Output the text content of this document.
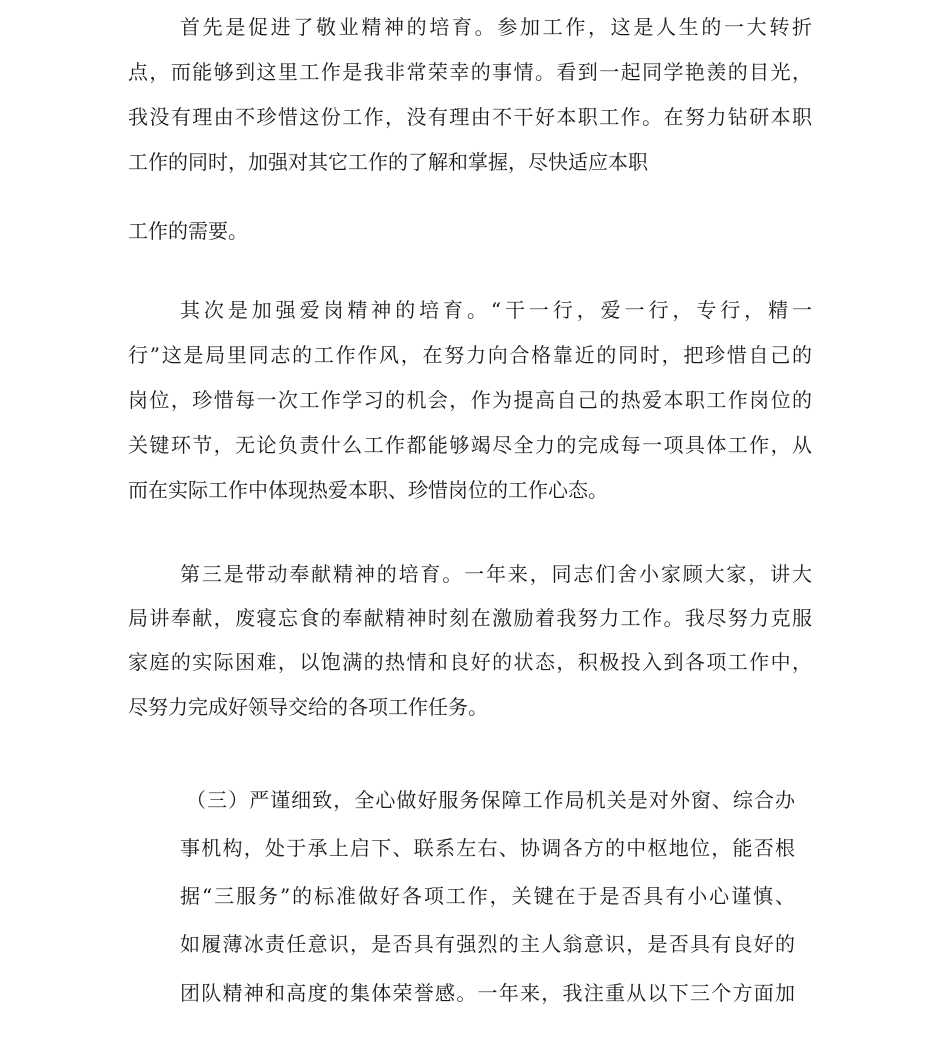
首先是促进了敬业精神的培育。参加工作，这是人生的一大转折
点，而能够到这里工作是我非常荣幸的事情。看到一起同学艳羡的目光，
我没有理由不珍惜这份工作，没有理由不干好本职工作。在努力钻研本职
工作的同时，加强对其它工作的了解和掌握，尽快适应本职
工作的需要。
其次是加强爱岗精神的培育。“干一行，爱一行，专行，精一
行”这是局里同志的工作作风，在努力向合格靠近的同时，把珍惜自己的
岗位，珍惜每一次工作学习的机会，作为提高自己的热爱本职工作岗位的
关键环节，无论负责什么工作都能够竭尽全力的完成每一项具体工作，从
而在实际工作中体现热爱本职、珍惜岗位的工作心态。
第三是带动奉献精神的培育。一年来，同志们舍小家顾大家，讲大
局讲奉献，废寝忘食的奉献精神时刻在激励着我努力工作。我尽努力克服
家庭的实际困难，以饱满的热情和良好的状态，积极投入到各项工作中，
尽努力完成好领导交给的各项工作任务。
（三）严谨细致，全心做好服务保障工作局机关是对外窗、综合办
事机构，处于承上启下、联系左右、协调各方的中枢地位，能否根
据“三服务”的标准做好各项工作，关键在于是否具有小心谨慎、
如履薄冰责任意识，是否具有强烈的主人翁意识，是否具有良好的
团队精神和高度的集体荣誉感。一年来，我注重从以下三个方面加
